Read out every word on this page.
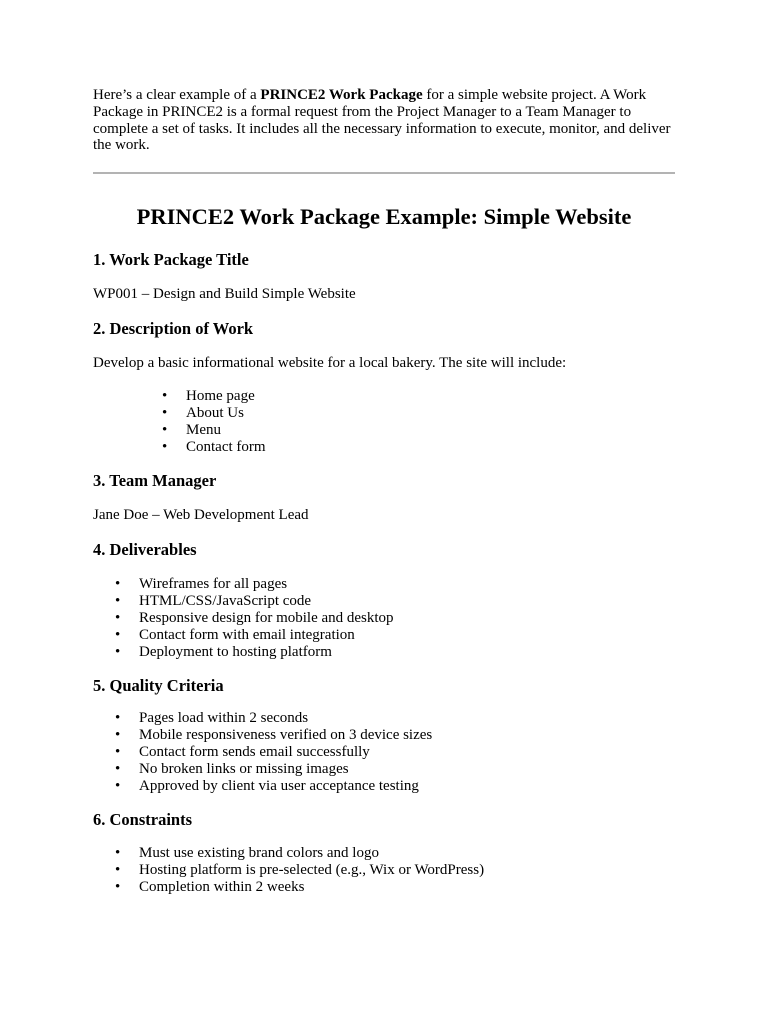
Here’s a clear example of a PRINCE2 Work Package for a simple website project. A Work Package in PRINCE2 is a formal request from the Project Manager to a Team Manager to complete a set of tasks. It includes all the necessary information to execute, monitor, and deliver the work.

PRINCE2 Work Package Example: Simple Website
1. Work Package Title

WP001 – Design and Build Simple Website

2. Description of Work

Develop a basic informational website for a local bakery. The site will include:

• Home page
• About Us
• Menu
• Contact form
3. Team Manager

Jane Doe – Web Development Lead

4. Deliverables
• Wireframes for all pages
• HTML/CSS/JavaScript code
• Responsive design for mobile and desktop
• Contact form with email integration
• Deployment to hosting platform
5. Quality Criteria
• Pages load within 2 seconds
• Mobile responsiveness verified on 3 device sizes
• Contact form sends email successfully
• No broken links or missing images
• Approved by client via user acceptance testing
6. Constraints
• Must use existing brand colors and logo
• Hosting platform is pre-selected (e.g., Wix or WordPress)
• Completion within 2 weeks
